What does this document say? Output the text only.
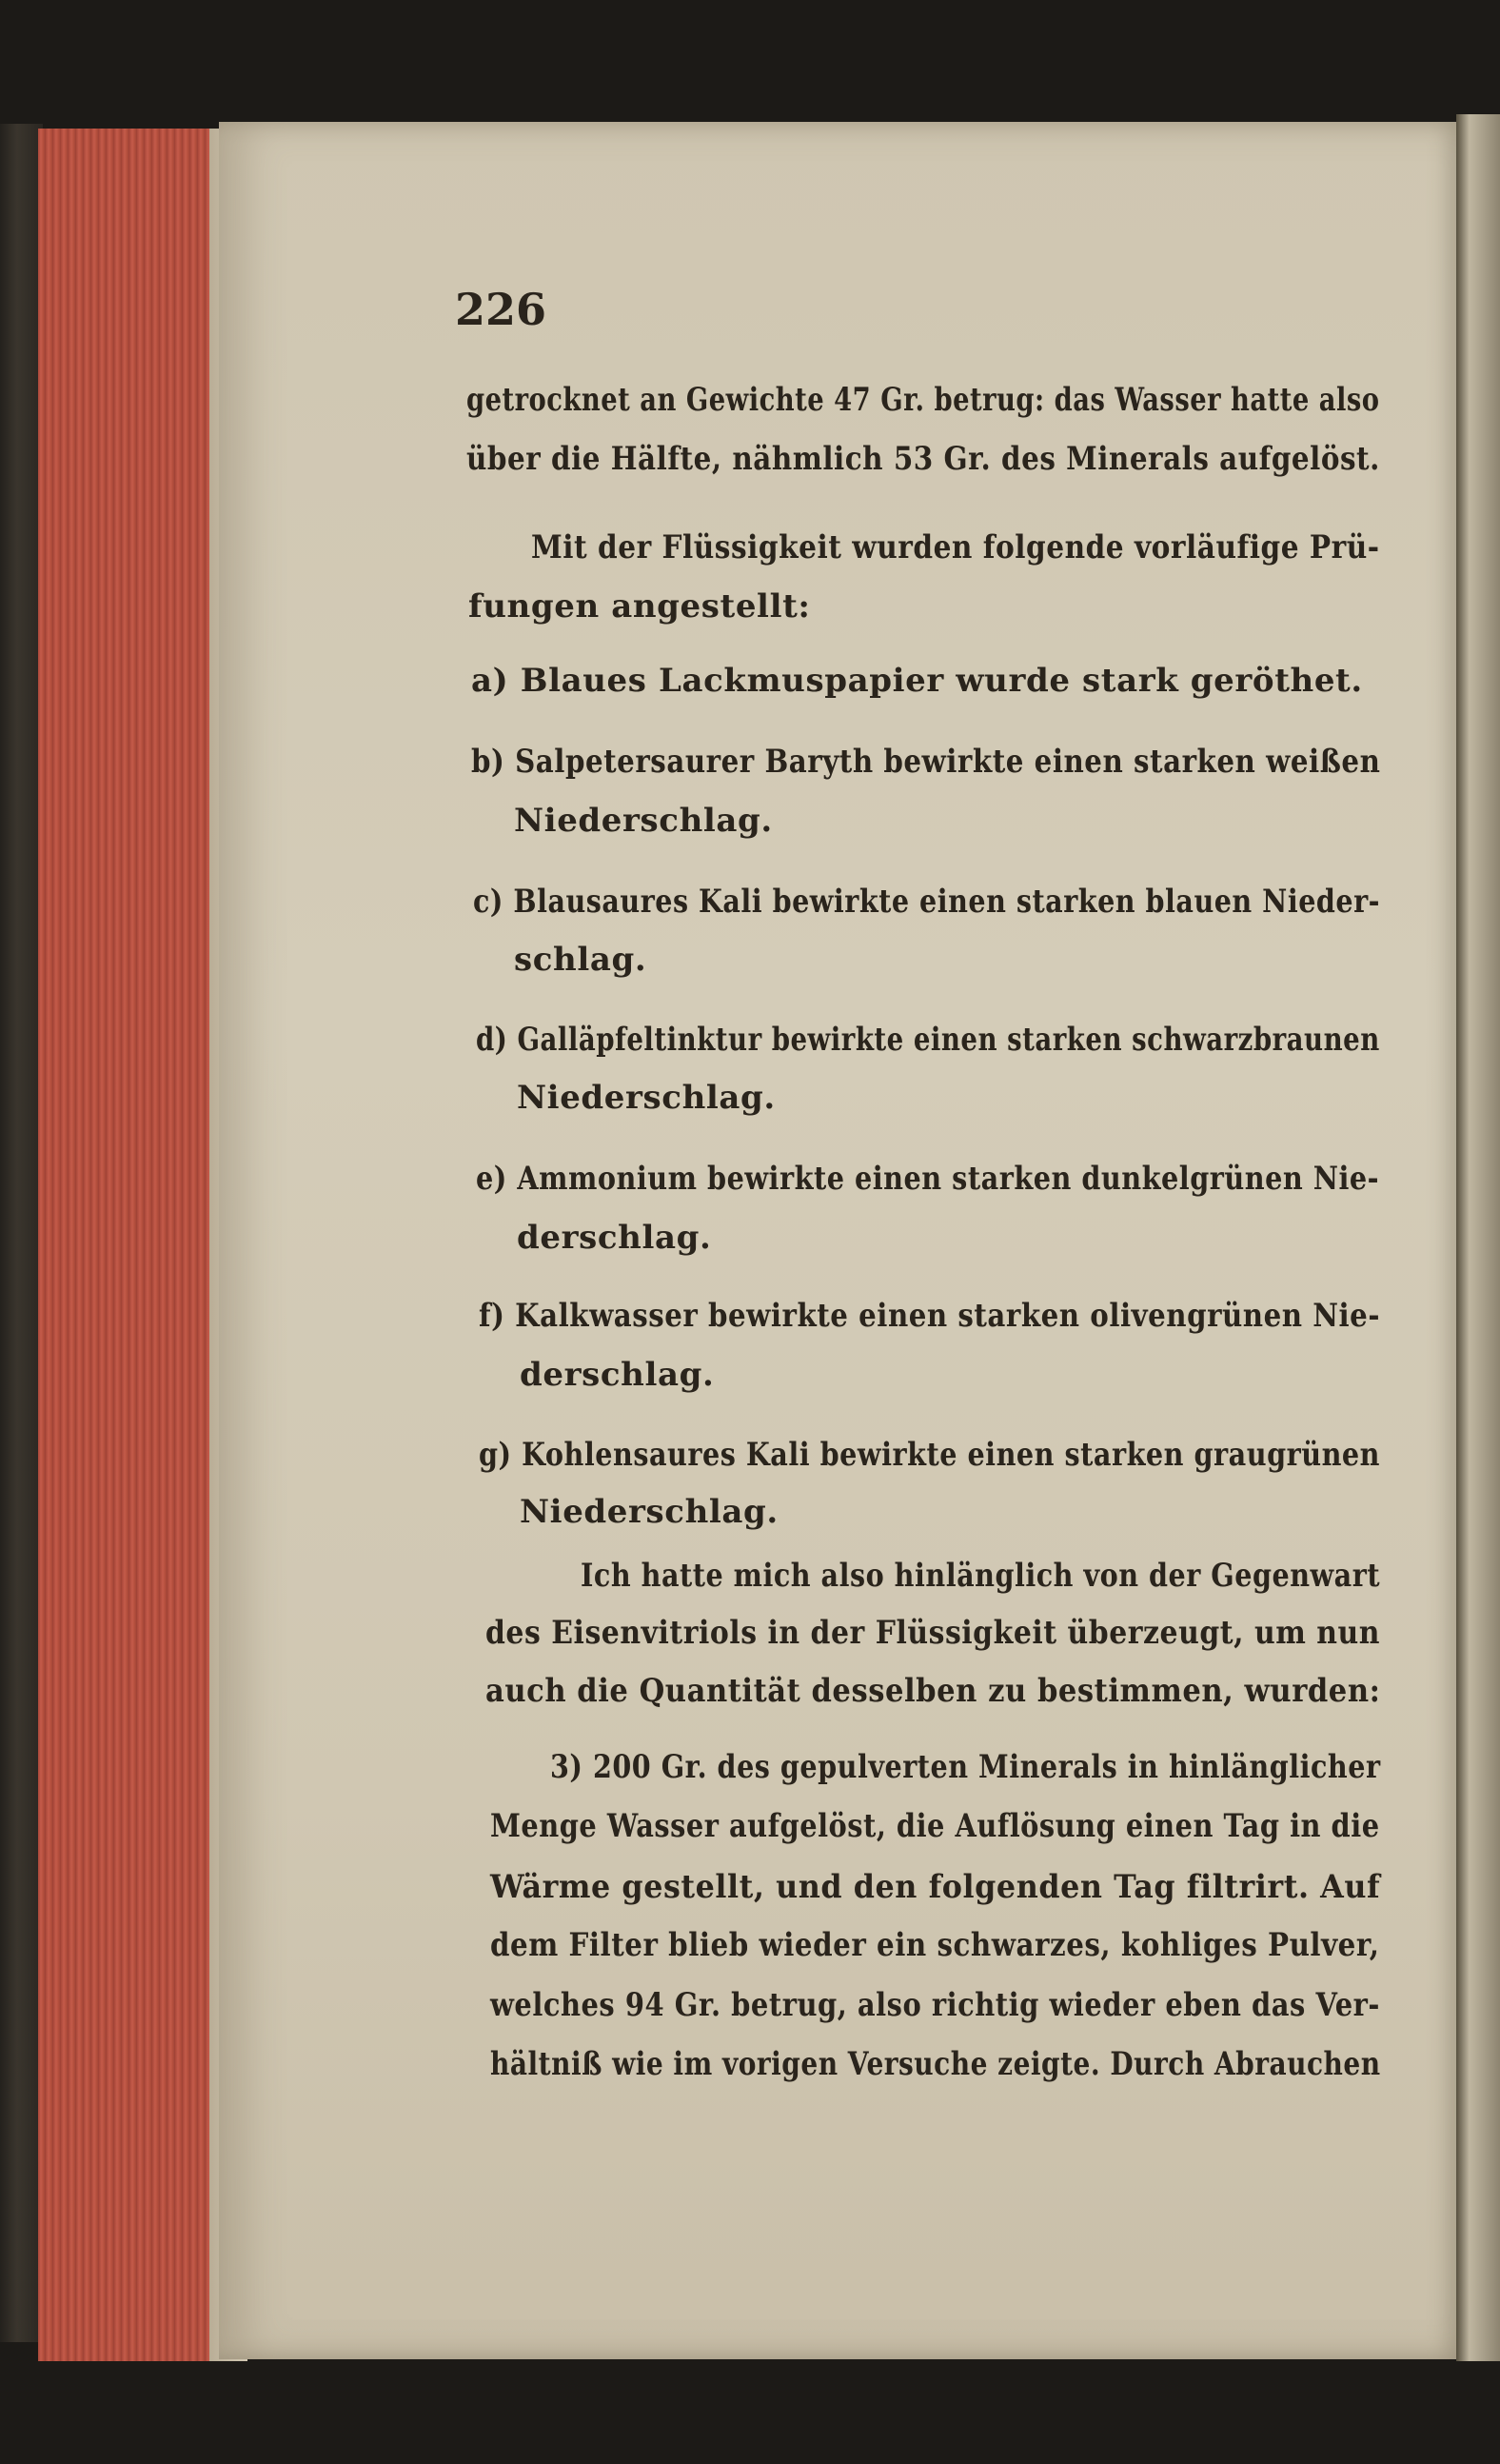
226
getrocknet an Gewichte 47 Gr. betrug: das Wasser hatte also
über die Hälfte, nähmlich 53 Gr. des Minerals aufgelöst.
Mit der Flüssigkeit wurden folgende vorläufige Prü-
fungen angestellt:
a) Blaues Lackmuspapier wurde stark geröthet.
b) Salpetersaurer Baryth bewirkte einen starken weißen
Niederschlag.
c) Blausaures Kali bewirkte einen starken blauen Nieder-
schlag.
d) Galläpfeltinktur bewirkte einen starken schwarzbraunen
Niederschlag.
e) Ammonium bewirkte einen starken dunkelgrünen Nie-
derschlag.
f) Kalkwasser bewirkte einen starken olivengrünen Nie-
derschlag.
g) Kohlensaures Kali bewirkte einen starken graugrünen
Niederschlag.
Ich hatte mich also hinlänglich von der Gegenwart
des Eisenvitriols in der Flüssigkeit überzeugt, um nun
auch die Quantität desselben zu bestimmen, wurden:
3) 200 Gr. des gepulverten Minerals in hinlänglicher
Menge Wasser aufgelöst, die Auflösung einen Tag in die
Wärme gestellt, und den folgenden Tag filtrirt. Auf
dem Filter blieb wieder ein schwarzes, kohliges Pulver,
welches 94 Gr. betrug, also richtig wieder eben das Ver-
hältniß wie im vorigen Versuche zeigte. Durch Abrauchen
